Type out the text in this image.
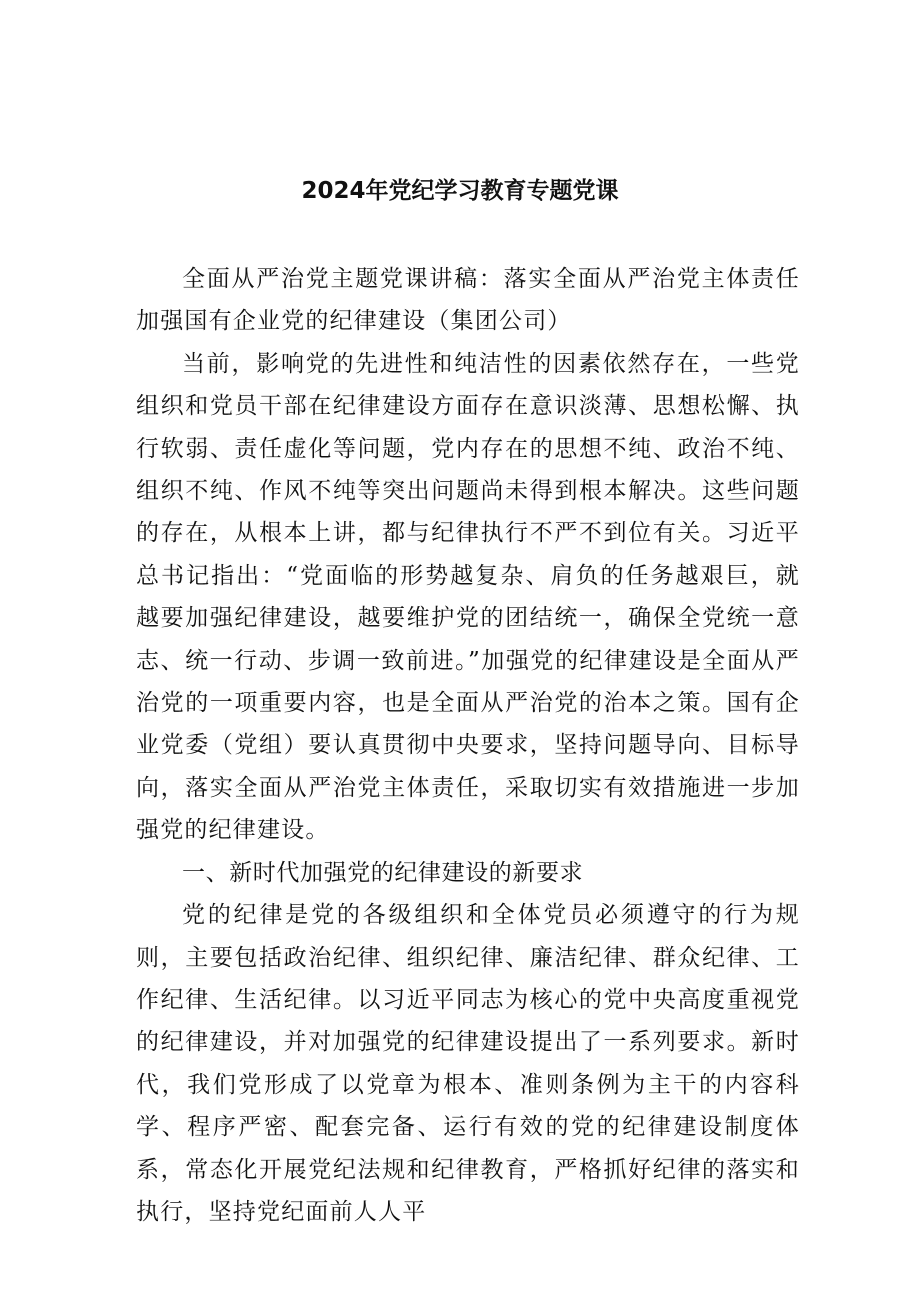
2024年党纪学习教育专题党课

全面从严治党主题党课讲稿：落实全面从严治党主体责任加强国有企业党的纪律建设（集团公司）

当前，影响党的先进性和纯洁性的因素依然存在，一些党组织和党员干部在纪律建设方面存在意识淡薄、思想松懈、执行软弱、责任虚化等问题，党内存在的思想不纯、政治不纯、组织不纯、作风不纯等突出问题尚未得到根本解决。这些问题的存在，从根本上讲，都与纪律执行不严不到位有关。习近平总书记指出：“党面临的形势越复杂、肩负的任务越艰巨，就越要加强纪律建设，越要维护党的团结统一，确保全党统一意志、统一行动、步调一致前进。”加强党的纪律建设是全面从严治党的一项重要内容，也是全面从严治党的治本之策。国有企业党委（党组）要认真贯彻中央要求，坚持问题导向、目标导向，落实全面从严治党主体责任，采取切实有效措施进一步加强党的纪律建设。

一、新时代加强党的纪律建设的新要求

党的纪律是党的各级组织和全体党员必须遵守的行为规则，主要包括政治纪律、组织纪律、廉洁纪律、群众纪律、工作纪律、生活纪律。以习近平同志为核心的党中央高度重视党的纪律建设，并对加强党的纪律建设提出了一系列要求。新时代，我们党形成了以党章为根本、准则条例为主干的内容科学、程序严密、配套完备、运行有效的党的纪律建设制度体系，常态化开展党纪法规和纪律教育，严格抓好纪律的落实和执行，坚持党纪面前人人平
